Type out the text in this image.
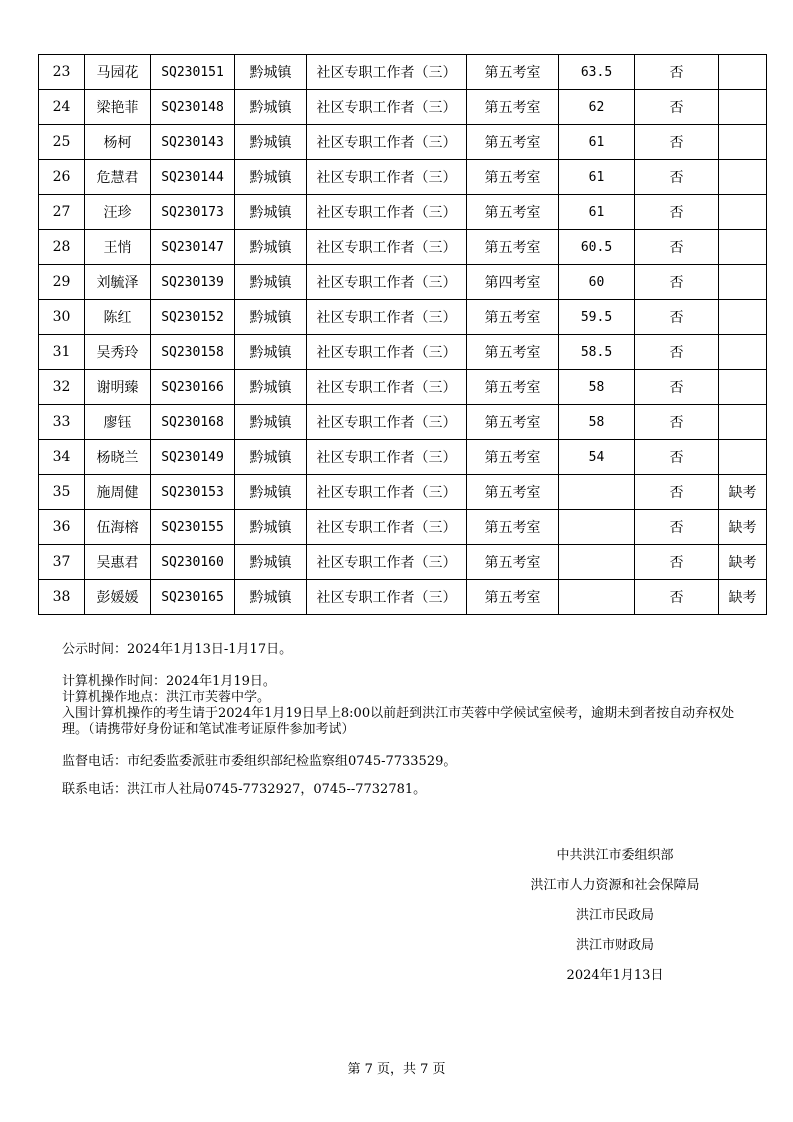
23	马园花	SQ230151	黔城镇	社区专职工作者（三）	第五考室	63.5	否	
24	梁艳菲	SQ230148	黔城镇	社区专职工作者（三）	第五考室	62	否	
25	杨柯	SQ230143	黔城镇	社区专职工作者（三）	第五考室	61	否	
26	危慧君	SQ230144	黔城镇	社区专职工作者（三）	第五考室	61	否	
27	汪珍	SQ230173	黔城镇	社区专职工作者（三）	第五考室	61	否	
28	王悄	SQ230147	黔城镇	社区专职工作者（三）	第五考室	60.5	否	
29	刘毓泽	SQ230139	黔城镇	社区专职工作者（三）	第四考室	60	否	
30	陈红	SQ230152	黔城镇	社区专职工作者（三）	第五考室	59.5	否	
31	吴秀玲	SQ230158	黔城镇	社区专职工作者（三）	第五考室	58.5	否	
32	谢明臻	SQ230166	黔城镇	社区专职工作者（三）	第五考室	58	否	
33	廖钰	SQ230168	黔城镇	社区专职工作者（三）	第五考室	58	否	
34	杨晓兰	SQ230149	黔城镇	社区专职工作者（三）	第五考室	54	否	
35	施周健	SQ230153	黔城镇	社区专职工作者（三）	第五考室		否	缺考
36	伍海榕	SQ230155	黔城镇	社区专职工作者（三）	第五考室		否	缺考
37	吴惠君	SQ230160	黔城镇	社区专职工作者（三）	第五考室		否	缺考
38	彭媛媛	SQ230165	黔城镇	社区专职工作者（三）	第五考室		否	缺考

公示时间：2024年1月13日-1月17日。

计算机操作时间：2024年1月19日。

计算机操作地点：洪江市芙蓉中学。

入围计算机操作的考生请于2024年1月19日早上8:00以前赶到洪江市芙蓉中学候试室候考，逾期未到者按自动弃权处理。（请携带好身份证和笔试准考证原件参加考试）

监督电话：市纪委监委派驻市委组织部纪检监察组0745-7733529。

联系电话：洪江市人社局0745-7732927，0745--7732781。

中共洪江市委组织部
洪江市人力资源和社会保障局
洪江市民政局
洪江市财政局
2024年1月13日
第 7 页，共 7 页
